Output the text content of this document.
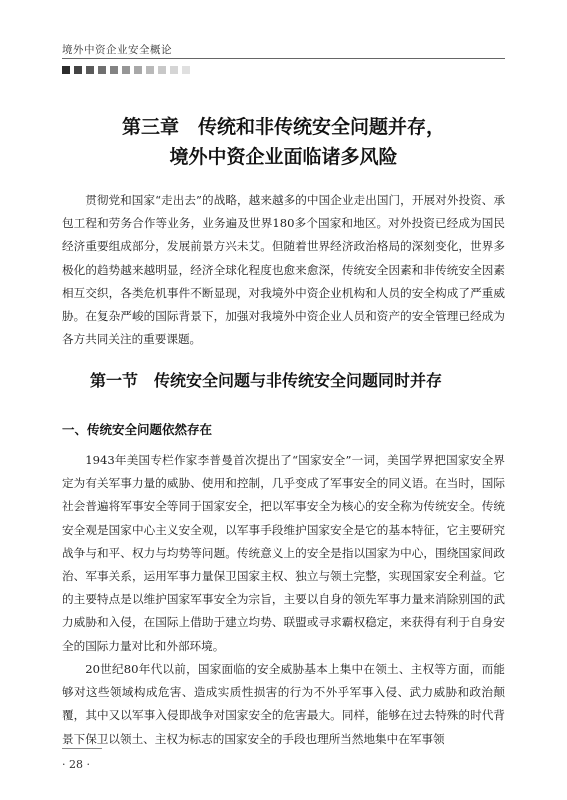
境外中资企业安全概论
第三章　传统和非传统安全问题并存，
境外中资企业面临诸多风险
贯彻党和国家“走出去”的战略，越来越多的中国企业走出国门，开展对外投资、承包工程和劳务合作等业务，业务遍及世界180多个国家和地区。对外投资已经成为国民经济重要组成部分，发展前景方兴未艾。但随着世界经济政治格局的深刻变化，世界多极化的趋势越来越明显，经济全球化程度也愈来愈深，传统安全因素和非传统安全因素相互交织，各类危机事件不断显现，对我境外中资企业机构和人员的安全构成了严重威胁。在复杂严峻的国际背景下，加强对我境外中资企业人员和资产的安全管理已经成为各方共同关注的重要课题。
第一节　传统安全问题与非传统安全问题同时并存
一、传统安全问题依然存在
1943年美国专栏作家李普曼首次提出了“国家安全”一词，美国学界把国家安全界定为有关军事力量的威胁、使用和控制，几乎变成了军事安全的同义语。在当时，国际社会普遍将军事安全等同于国家安全，把以军事安全为核心的安全称为传统安全。传统安全观是国家中心主义安全观，以军事手段维护国家安全是它的基本特征，它主要研究战争与和平、权力与均势等问题。传统意义上的安全是指以国家为中心，围绕国家间政治、军事关系，运用军事力量保卫国家主权、独立与领土完整，实现国家安全利益。它的主要特点是以维护国家军事安全为宗旨，主要以自身的领先军事力量来消除别国的武力威胁和入侵，在国际上借助于建立均势、联盟或寻求霸权稳定，来获得有利于自身安全的国际力量对比和外部环境。
20世纪80年代以前，国家面临的安全威胁基本上集中在领土、主权等方面，而能够对这些领域构成危害、造成实质性损害的行为不外乎军事入侵、武力威胁和政治颠覆，其中又以军事入侵即战争对国家安全的危害最大。同样，能够在过去特殊的时代背景下保卫以领土、主权为标志的国家安全的手段也理所当然地集中在军事领
· 28 ·
